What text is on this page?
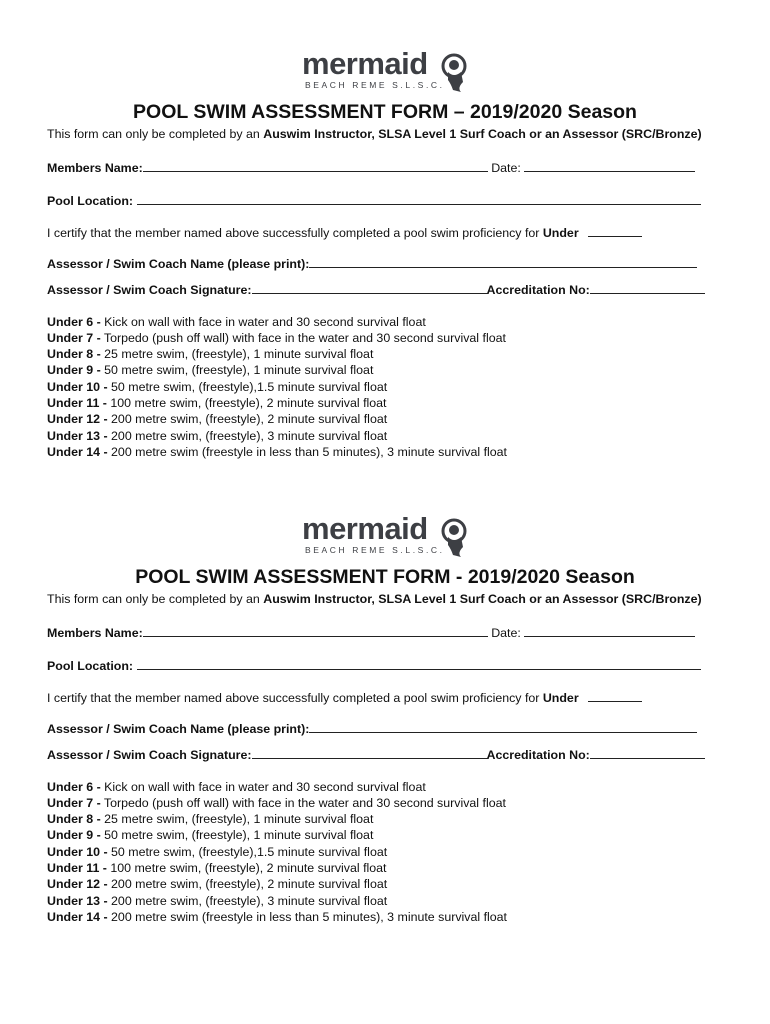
mermaid
BEACH REME S.L.S.C.
POOL SWIM ASSESSMENT FORM – 2019/2020 Season
This form can only be completed by an Auswim Instructor, SLSA Level 1 Surf Coach or an Assessor (SRC/Bronze)
Members Name:	Date:
Pool Location:
I certify that the member named above successfully completed a pool swim proficiency for Under
Assessor / Swim Coach Name (please print):
Assessor / Swim Coach Signature:	Accreditation No:
Under 6 - Kick on wall with face in water and 30 second survival float
Under 7 - Torpedo (push off wall) with face in the water and 30 second survival float
Under 8 - 25 metre swim, (freestyle), 1 minute survival float
Under 9 - 50 metre swim, (freestyle), 1 minute survival float
Under 10 - 50 metre swim, (freestyle),1.5 minute survival float
Under 11 - 100 metre swim, (freestyle), 2 minute survival float
Under 12 - 200 metre swim, (freestyle), 2 minute survival float
Under 13 - 200 metre swim, (freestyle), 3 minute survival float
Under 14 - 200 metre swim (freestyle in less than 5 minutes), 3 minute survival float
mermaid
BEACH REME S.L.S.C.
POOL SWIM ASSESSMENT FORM - 2019/2020 Season
This form can only be completed by an Auswim Instructor, SLSA Level 1 Surf Coach or an Assessor (SRC/Bronze)
Members Name:	Date:
Pool Location:
I certify that the member named above successfully completed a pool swim proficiency for Under
Assessor / Swim Coach Name (please print):
Assessor / Swim Coach Signature:	Accreditation No:
Under 6 - Kick on wall with face in water and 30 second survival float
Under 7 - Torpedo (push off wall) with face in the water and 30 second survival float
Under 8 - 25 metre swim, (freestyle), 1 minute survival float
Under 9 - 50 metre swim, (freestyle), 1 minute survival float
Under 10 - 50 metre swim, (freestyle),1.5 minute survival float
Under 11 - 100 metre swim, (freestyle), 2 minute survival float
Under 12 - 200 metre swim, (freestyle), 2 minute survival float
Under 13 - 200 metre swim, (freestyle), 3 minute survival float
Under 14 - 200 metre swim (freestyle in less than 5 minutes), 3 minute survival float
